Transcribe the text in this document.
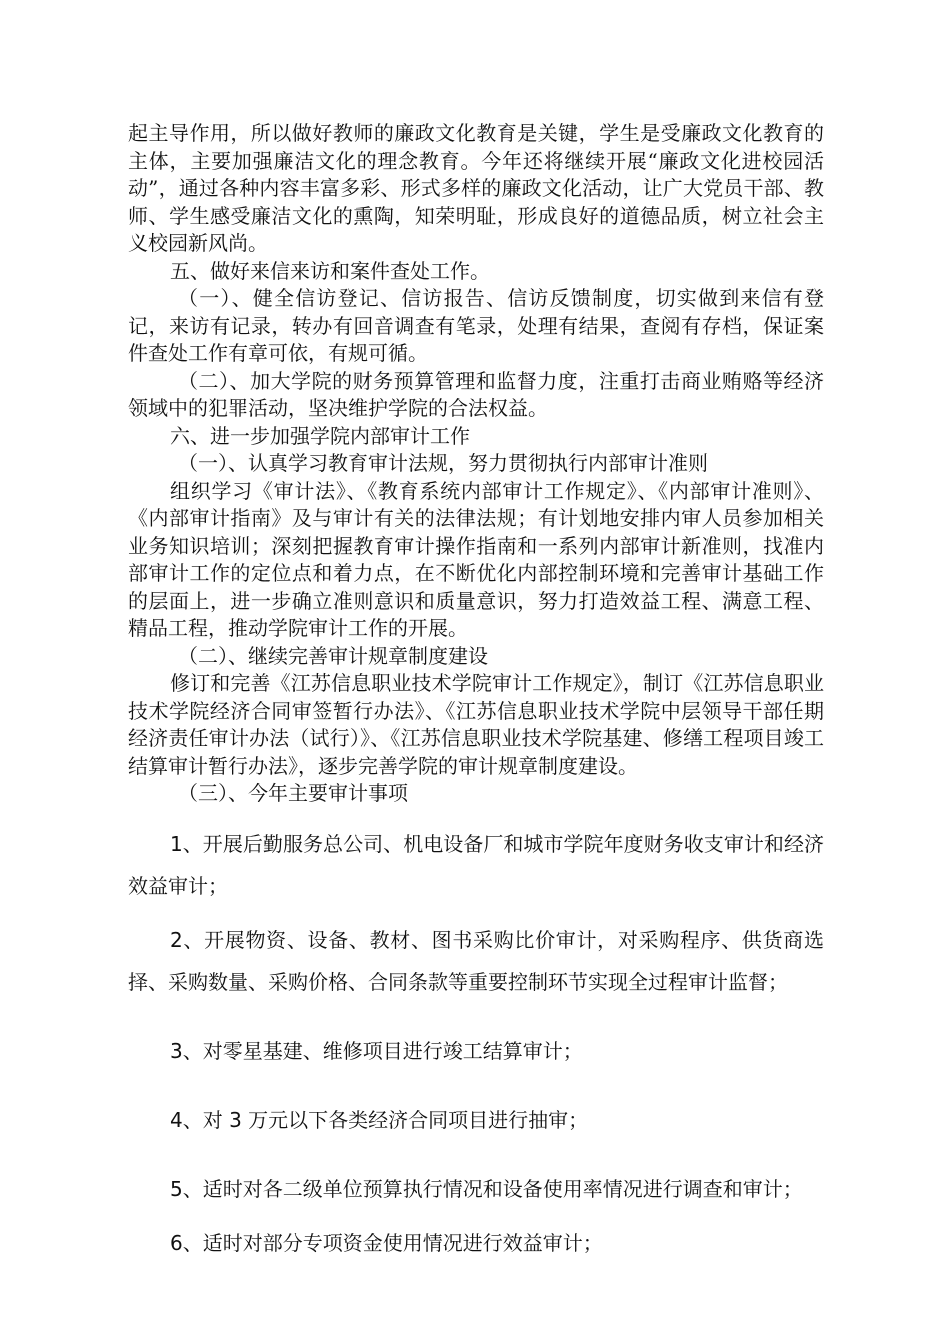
起主导作用，所以做好教师的廉政文化教育是关键，学生是受廉政文化教育的主体，主要加强廉洁文化的理念教育。今年还将继续开展“廉政文化进校园活动”，通过各种内容丰富多彩、形式多样的廉政文化活动，让广大党员干部、教师、学生感受廉洁文化的熏陶，知荣明耻，形成良好的道德品质，树立社会主义校园新风尚。

五、做好来信来访和案件查处工作。

（一）、健全信访登记、信访报告、信访反馈制度，切实做到来信有登记，来访有记录，转办有回音调查有笔录，处理有结果，查阅有存档，保证案件查处工作有章可依，有规可循。

（二）、加大学院的财务预算管理和监督力度，注重打击商业贿赂等经济领域中的犯罪活动，坚决维护学院的合法权益。

六、进一步加强学院内部审计工作

（一）、认真学习教育审计法规，努力贯彻执行内部审计准则

组织学习《审计法》、《教育系统内部审计工作规定》、《内部审计准则》、《内部审计指南》及与审计有关的法律法规；有计划地安排内审人员参加相关业务知识培训；深刻把握教育审计操作指南和一系列内部审计新准则，找准内部审计工作的定位点和着力点，在不断优化内部控制环境和完善审计基础工作的层面上，进一步确立准则意识和质量意识，努力打造效益工程、满意工程、精品工程，推动学院审计工作的开展。

（二）、继续完善审计规章制度建设

修订和完善《江苏信息职业技术学院审计工作规定》，制订《江苏信息职业技术学院经济合同审签暂行办法》、《江苏信息职业技术学院中层领导干部任期经济责任审计办法（试行）》、《江苏信息职业技术学院基建、修缮工程项目竣工结算审计暂行办法》，逐步完善学院的审计规章制度建设。

（三）、今年主要审计事项

1、开展后勤服务总公司、机电设备厂和城市学院年度财务收支审计和经济效益审计；

2、开展物资、设备、教材、图书采购比价审计，对采购程序、供货商选择、采购数量、采购价格、合同条款等重要控制环节实现全过程审计监督；

3、对零星基建、维修项目进行竣工结算审计；

4、对 3 万元以下各类经济合同项目进行抽审；

5、适时对各二级单位预算执行情况和设备使用率情况进行调查和审计；

6、适时对部分专项资金使用情况进行效益审计；
